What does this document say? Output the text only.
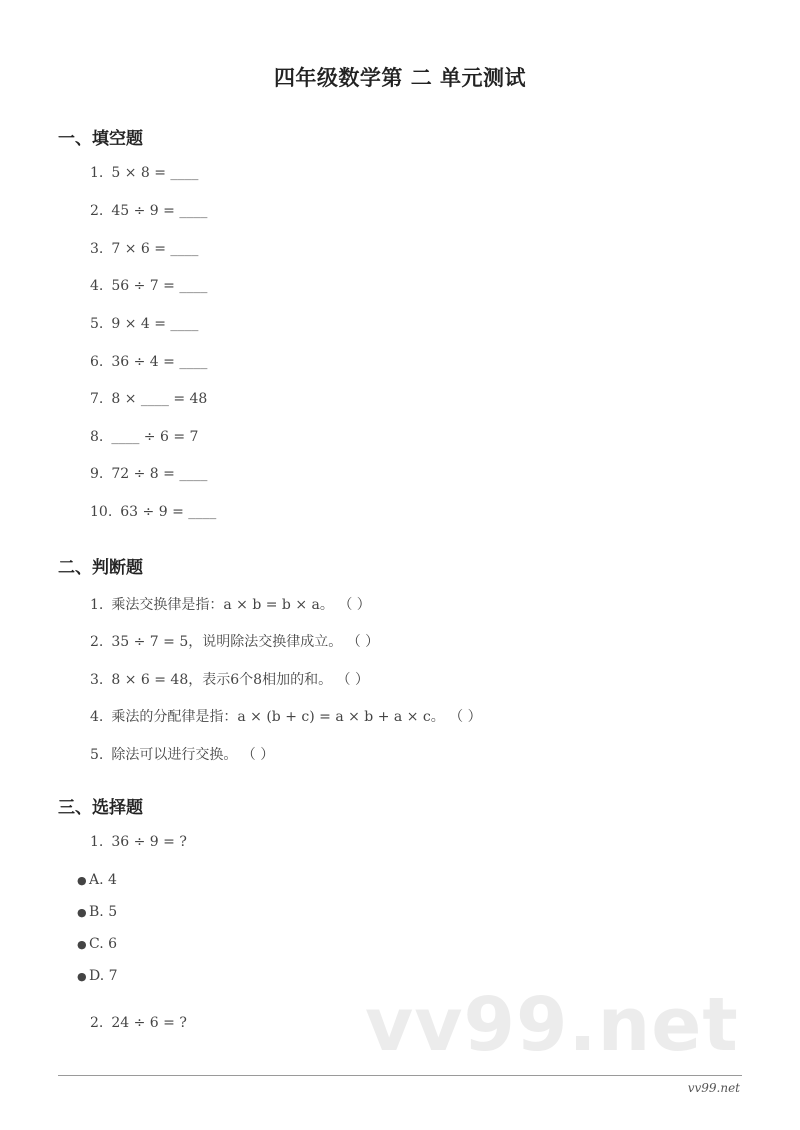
四年级数学第 二 单元测试
一、填空题
1. 5 × 8 = ____
2. 45 ÷ 9 = ____
3. 7 × 6 = ____
4. 56 ÷ 7 = ____
5. 9 × 4 = ____
6. 36 ÷ 4 = ____
7. 8 × ____ = 48
8. ____ ÷ 6 = 7
9. 72 ÷ 8 = ____
10. 63 ÷ 9 = ____
二、判断题
1. 乘法交换律是指：a × b = b × a。 （ ）
2. 35 ÷ 7 = 5，说明除法交换律成立。 （ ）
3. 8 × 6 = 48，表示6个8相加的和。 （ ）
4. 乘法的分配律是指：a × (b + c) = a × b + a × c。 （ ）
5. 除法可以进行交换。 （ ）
三、选择题
1. 36 ÷ 9 = ?
● A. 4
● B. 5
● C. 6
● D. 7
vv99.net
2. 24 ÷ 6 = ?
vv99.net
